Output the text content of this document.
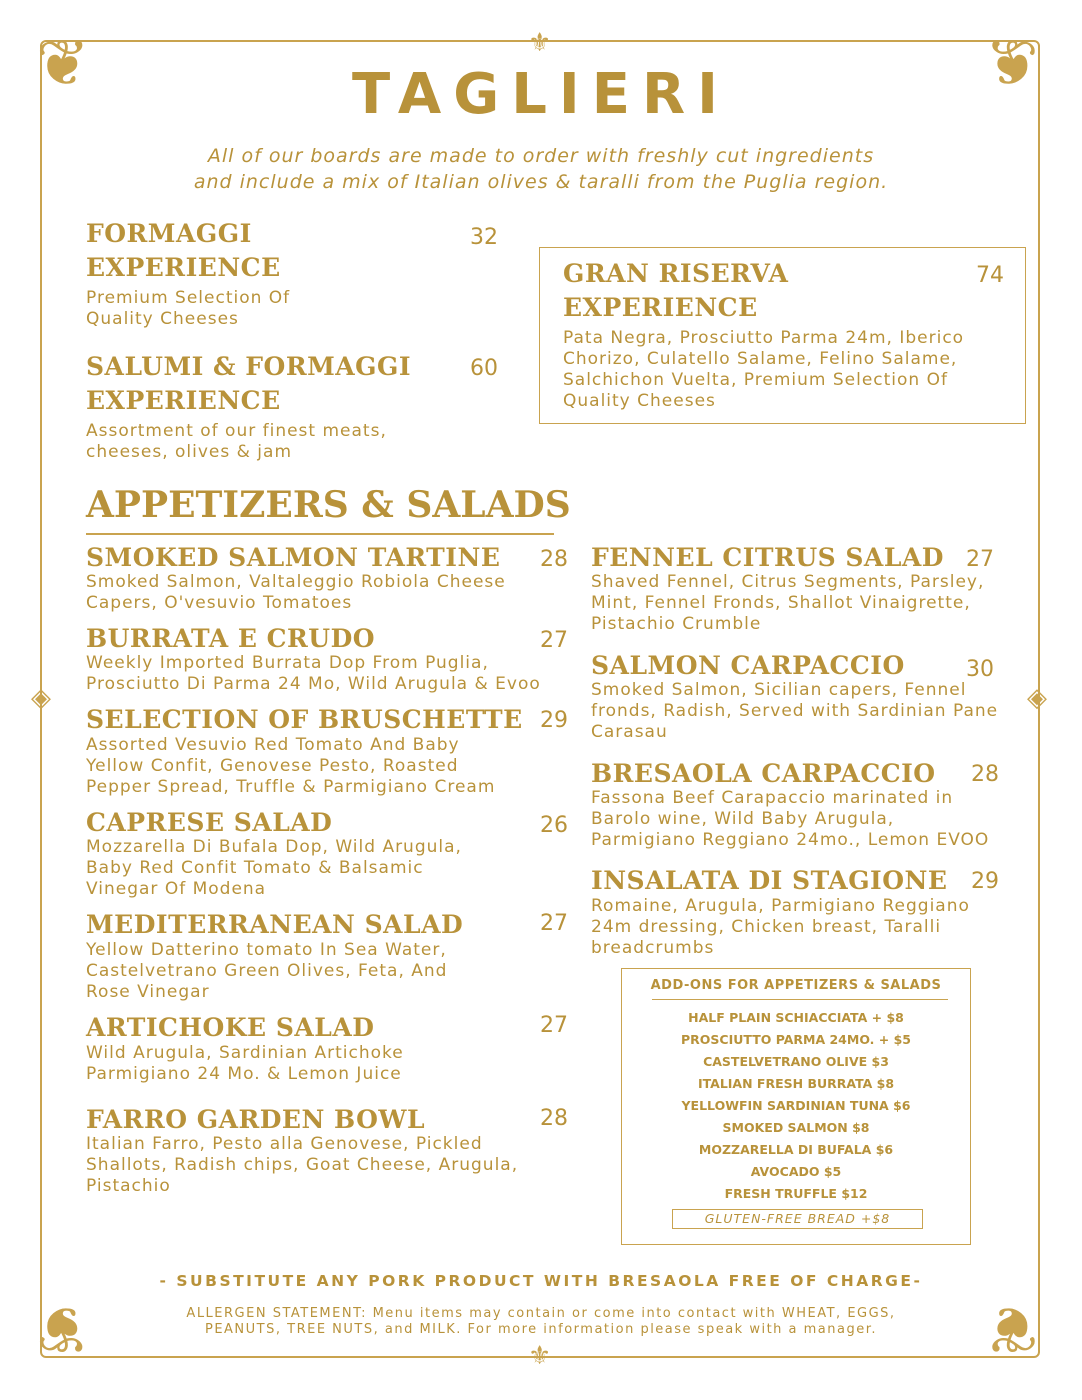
❦	❦
❦	❦
⚜
⚜
◈	◈
TAGLIERI
All of our boards are made to order with freshly cut ingredients
and include a mix of Italian olives & taralli from the Puglia region.
FORMAGGI
EXPERIENCE
32
Premium Selection Of
Quality Cheeses
SALUMI & FORMAGGI
EXPERIENCE
60
Assortment of our finest meats,
cheeses, olives & jam
GRAN RISERVA
EXPERIENCE
74
Pata Negra, Prosciutto Parma 24m, Iberico
Chorizo, Culatello Salame, Felino Salame,
Salchichon Vuelta, Premium Selection Of
Quality Cheeses
APPETIZERS & SALADS
SMOKED SALMON TARTINE 28
Smoked Salmon, Valtaleggio Robiola Cheese
Capers, O'vesuvio Tomatoes
BURRATA E CRUDO	27
Weekly Imported Burrata Dop From Puglia,
Prosciutto Di Parma 24 Mo, Wild Arugula & Evoo
SELECTION OF BRUSCHETTE 29
Assorted Vesuvio Red Tomato And Baby
Yellow Confit, Genovese Pesto, Roasted
Pepper Spread, Truffle & Parmigiano Cream
CAPRESE SALAD	26
Mozzarella Di Bufala Dop, Wild Arugula,
Baby Red Confit Tomato & Balsamic
Vinegar Of Modena
MEDITERRANEAN SALAD	27
Yellow Datterino tomato In Sea Water,
Castelvetrano Green Olives, Feta, And
Rose Vinegar
ARTICHOKE SALAD	27
Wild Arugula, Sardinian Artichoke
Parmigiano 24 Mo. & Lemon Juice
FARRO GARDEN BOWL	28
Italian Farro, Pesto alla Genovese, Pickled
Shallots, Radish chips, Goat Cheese, Arugula,
Pistachio
FENNEL CITRUS SALAD 27
Shaved Fennel, Citrus Segments, Parsley,
Mint, Fennel Fronds, Shallot Vinaigrette,
Pistachio Crumble
SALMON CARPACCIO	30
Smoked Salmon, Sicilian capers, Fennel
fronds, Radish, Served with Sardinian Pane
Carasau
BRESAOLA CARPACCIO 28
Fassona Beef Carapaccio marinated in
Barolo wine, Wild Baby Arugula,
Parmigiano Reggiano 24mo., Lemon EVOO
INSALATA DI STAGIONE 29
Romaine, Arugula, Parmigiano Reggiano
24m dressing, Chicken breast, Taralli
breadcrumbs
ADD-ONS FOR APPETIZERS & SALADS
HALF PLAIN SCHIACCIATA + $8
PROSCIUTTO PARMA 24MO. + $5
CASTELVETRANO OLIVE $3
ITALIAN FRESH BURRATA $8
YELLOWFIN SARDINIAN TUNA $6
SMOKED SALMON $8
MOZZARELLA DI BUFALA $6
AVOCADO $5
FRESH TRUFFLE $12
GLUTEN-FREE BREAD +$8
- SUBSTITUTE ANY PORK PRODUCT WITH BRESAOLA FREE OF CHARGE-
ALLERGEN STATEMENT: Menu items may contain or come into contact with WHEAT, EGGS,
PEANUTS, TREE NUTS, and MILK. For more information please speak with a manager.
